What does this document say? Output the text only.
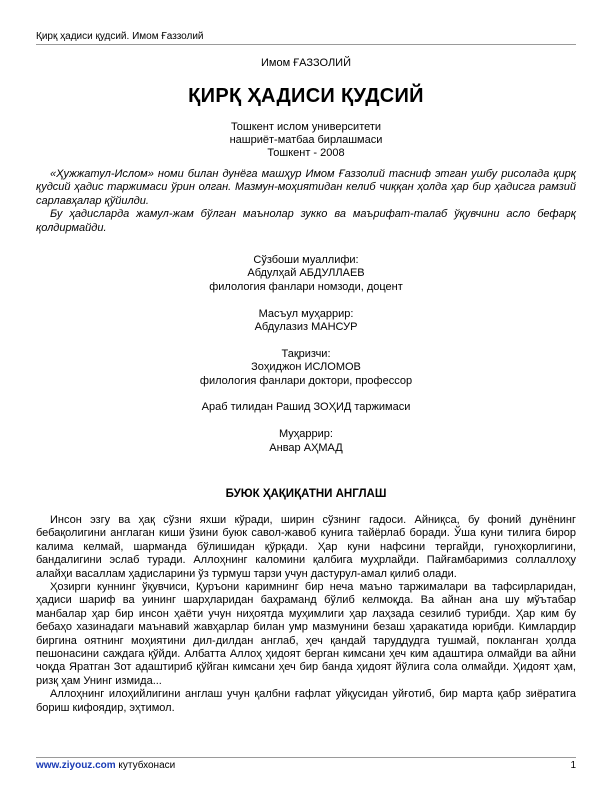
Қирқ ҳадиси қудсий. Имом Ғаззолий
Имом ҒАЗЗОЛИЙ
ҚИРҚ ҲАДИСИ ҚУДСИЙ
Тошкент ислом университети
нашриёт-матбаа бирлашмаси
Тошкент - 2008

«Ҳужжатул-Ислом» номи билан дунёга машҳур Имом Ғаззолий тасниф этган ушбу рисолада қирқ қудсий ҳадис таржимаси ўрин олган. Мазмун-моҳиятидан келиб чиққан ҳолда ҳар бир ҳадисга рамзий сарлавҳалар қўйилди.

Бу ҳадисларда жамул-жам бўлган маънолар зукко ва маърифат-талаб ўқувчини асло бефарқ қолдирмайди.

Сўзбоши муаллифи:
Абдулҳай АБДУЛЛАЕВ
филология фанлари номзоди, доцент
Масъул муҳаррир:
Абдулазиз МАНСУР
Тақризчи:
Зоҳиджон ИСЛОМОВ
филология фанлари доктори, профессор
Араб тилидан Рашид ЗОҲИД таржимаси
Муҳаррир:
Анвар АҲМАД
БУЮК ҲАҚИҚАТНИ АНГЛАШ

Инсон эзгу ва ҳақ сўзни яхши кўради, ширин сўзнинг гадоси. Айниқса, бу фоний дунёнинг бебақолигини англаган киши ўзини буюк савол-жавоб кунига тайёрлаб боради. Ўша куни тилига бирор калима келмай, шарманда бўлишидан қўрқади. Ҳар куни нафсини тергайди, гуноҳкорлигини, бандалигини эслаб туради. Аллоҳнинг каломини қалбига муҳрлайди. Пайғамбаримиз соллаллоҳу алайҳи васаллам ҳадисларини ўз турмуш тарзи учун дастурул-амал қилиб олади.

Ҳозирги куннинг ўқувчиси, Қуръони каримнинг бир неча маъно таржималари ва тафсирларидан, ҳадиси шариф ва уининг шарҳларидан баҳраманд бўлиб келмоқда. Ва айнан ана шу мўътабар манбалар ҳар бир инсон ҳаёти учун ниҳоятда муҳимлиги ҳар лаҳзада сезилиб турибди. Ҳар ким бу бебаҳо хазинадаги маънавий жавҳарлар билан умр мазмунини безаш ҳаракатида юрибди. Кимлардир биргина оятнинг моҳиятини дил-дилдан англаб, ҳеч қандай таруддудга тушмай, покланган ҳолда пешонасини саждага қўйди. Албатта Аллоҳ ҳидоят берган кимсани ҳеч ким адаштира олмайди ва айни чоқда Яратган Зот адаштириб қўйган кимсани ҳеч бир банда ҳидоят йўлига сола олмайди. Ҳидоят ҳам, ризқ ҳам Унинг измида...

Аллоҳнинг илоҳийлигини англаш учун қалбни ғафлат уйқусидан уйғотиб, бир марта қабр зиёратига бориш кифоядир, эҳтимол.

www.ziyouz.com кутубхонаси	1
